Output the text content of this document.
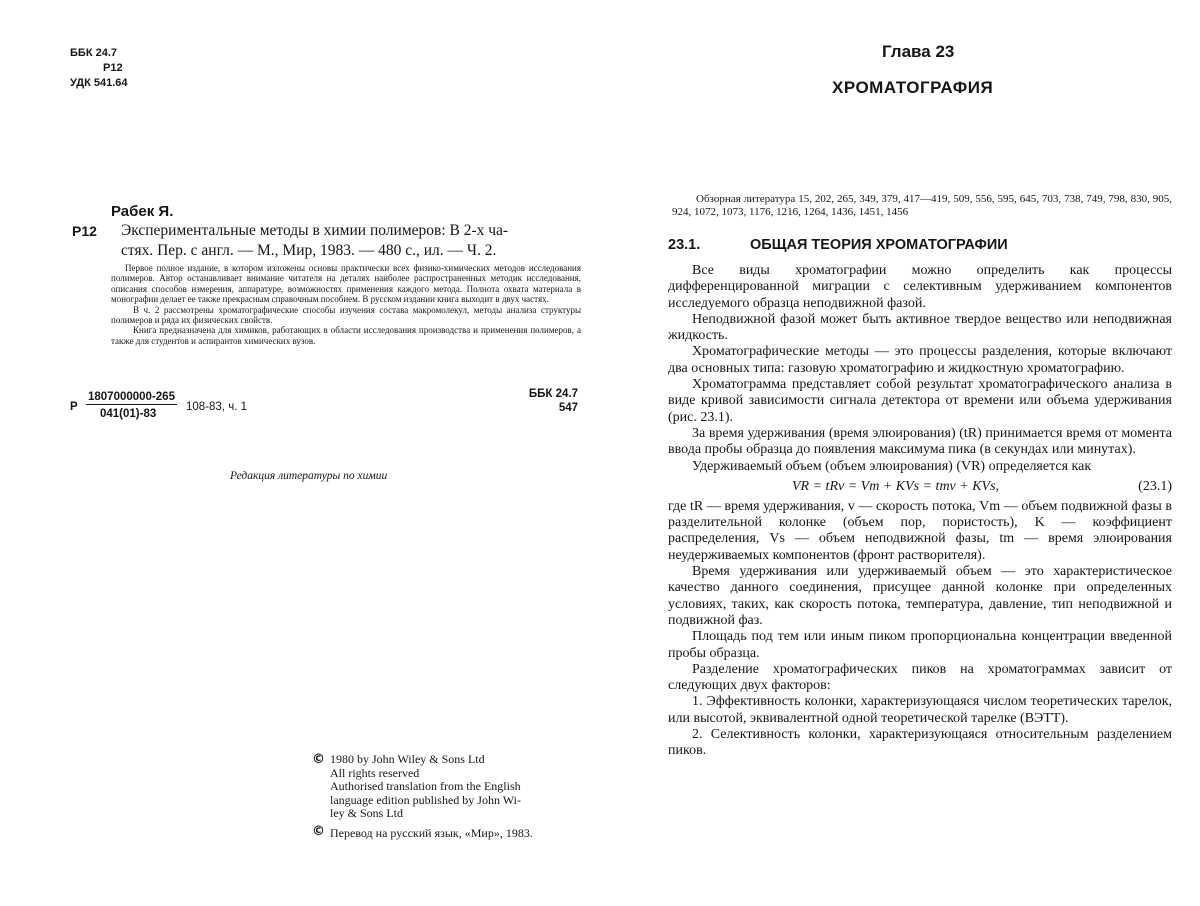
ББК 24.7
Р12
УДК 541.64
Рабек Я.
Р12 Экспериментальные методы в химии полимеров: В 2-х ча-
стях. Пер. с англ. — М., Мир, 1983. — 480 с., ил. — Ч. 2.

Первое полное издание, в котором изложены основы практически всех физико-химических методов исследования полимеров. Автор останавливает внимание читателя на деталях наиболее распространенных методик исследования, описания способов измерения, аппаратуре, возможностях применения каждого метода. Полнота охвата материала в монографии делает ее также прекрасным справочным пособием. В русском издании книга выходит в двух частях.

В ч. 2 рассмотрены хроматографические способы изучения состава макромолекул, методы анализа структуры полимеров и ряда их физических свойств.

Книга предназначена для химиков, работающих в области исследования производства и применения полимеров, а также для студентов и аспирантов химических вузов.

Р
1807000000-265
041(01)-83
108-83, ч. 1
ББК 24.7
547
Редакция литературы по химии
© 1980 by John Wiley & Sons Ltd
All rights reserved
Authorised translation from the English
language edition published by John Wi-
ley & Sons Ltd
© Перевод на русский язык, «Мир», 1983.
Глава 23
ХРОМАТОГРАФИЯ

Обзорная литература 15, 202, 265, 349, 379, 417—419, 509, 556, 595, 645, 703, 738, 749, 798, 830, 905, 924, 1072, 1073, 1176, 1216, 1264, 1436, 1451, 1456

23.1.	ОБЩАЯ ТЕОРИЯ ХРОМАТОГРАФИИ

Все виды хроматографии можно определить как процессы дифференцированной миграции с селективным удерживанием компонентов исследуемого образца неподвижной фазой.

Неподвижной фазой может быть активное твердое вещество или неподвижная жидкость.

Хроматографические методы — это процессы разделения, которые включают два основных типа: газовую хроматографию и жидкостную хроматографию.

Хроматограмма представляет собой результат хроматографического анализа в виде кривой зависимости сигнала детектора от времени или объема удерживания (рис. 23.1).

За время удерживания (время элюирования) (tR) принимается время от момента ввода пробы образца до появления максимума пика (в секундах или минутах).

Удерживаемый объем (объем элюирования) (VR) определяется как

VR = tRv = Vm + KVs = tmv + KVs,	(23.1)

где tR — время удерживания, v — скорость потока, Vm — объем подвижной фазы в разделительной колонке (объем пор, пористость), K — коэффициент распределения, Vs — объем неподвижной фазы, tm — время элюирования неудерживаемых компонентов (фронт растворителя).

Время удерживания или удерживаемый объем — это характеристическое качество данного соединения, присущее данной колонке при определенных условиях, таких, как скорость потока, температура, давление, тип неподвижной и подвижной фаз.

Площадь под тем или иным пиком пропорциональна концентрации введенной пробы образца.

Разделение хроматографических пиков на хроматограммах зависит от следующих двух факторов:

1. Эффективность колонки, характеризующаяся числом теоретических тарелок, или высотой, эквивалентной одной теоретической тарелке (ВЭТТ).

2. Селективность колонки, характеризующаяся относительным разделением пиков.
